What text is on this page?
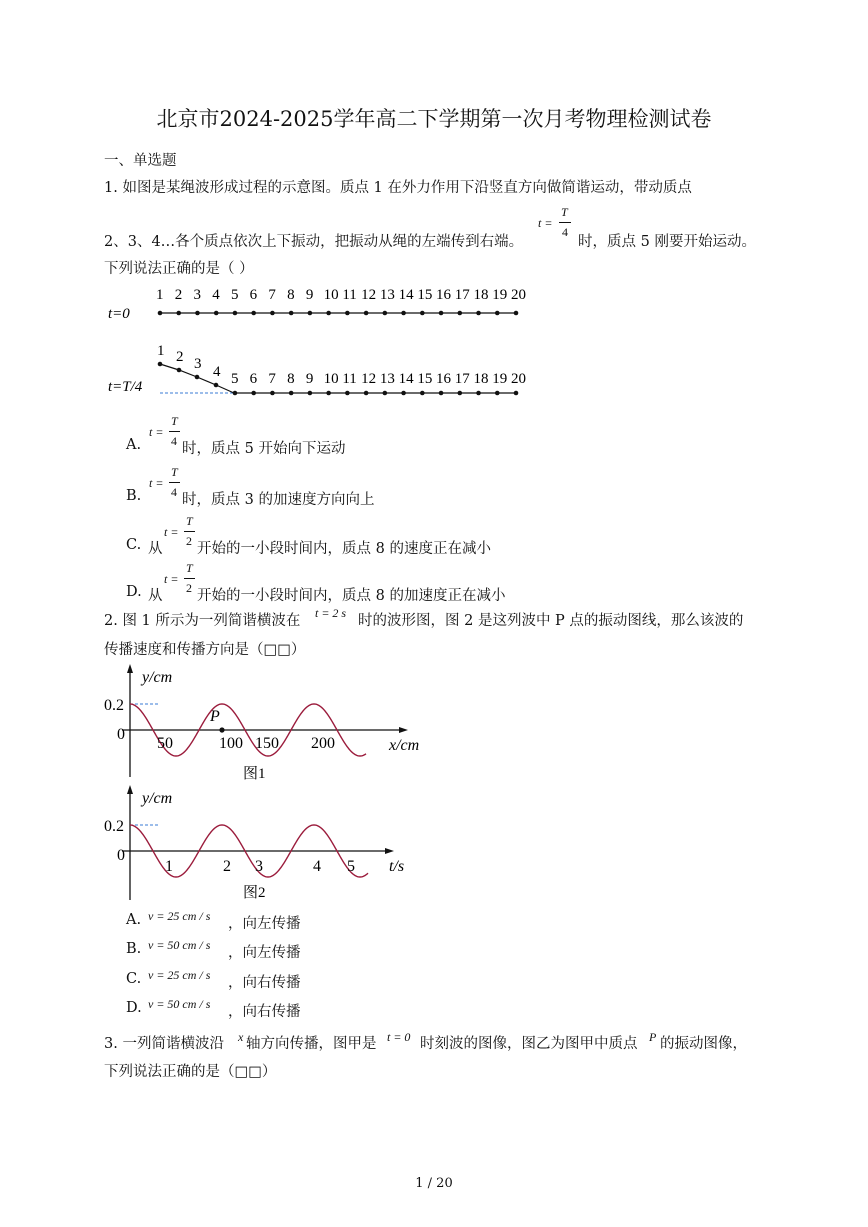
北京市2024-2025学年高二下学期第一次月考物理检测试卷
一、单选题
1. 如图是某绳波形成过程的示意图。质点 1 在外力作用下沿竖直方向做简谐运动，带动质点
2、3、4…各个质点依次上下振动，把振动从绳的左端传到右端。
t =
T
4
时，质点 5 刚要开始运动。
下列说法正确的是（ ）
1 2 3 4 5 6 7 8 9 10 11 12 13 14 15 16 17 18 19 20
t=0
t=T/4
1 2 3 4 5 6 7 8 9 10 11 12 13 14 15 16 17 18 19 20
A.
t =
T
4 时，质点 5 开始向下运动
B.
t =
T
4 时，质点 3 的加速度方向向上
C. 从
t =
T
2 开始的一小段时间内，质点 8 的速度正在减小
D. 从
t =
T
2 开始的一小段时间内，质点 8 的加速度正在减小
2. 图 1 所示为一列简谐横波在 t = 2 s 时的波形图，图 2 是这列波中 P 点的振动图线，那么该波的
传播速度和传播方向是（□□）
y/cm
0.2
0
P
50	100 150 200	x/cm
图1
y/cm
0.2
0
1	2 3	4 5 t/s
图2
A. v = 25 cm / s ，向左传播
B. v = 50 cm / s ，向左传播
C. v = 25 cm / s ，向右传播
D. v = 50 cm / s ，向右传播
3. 一列简谐横波沿 x 轴方向传播，图甲是 t = 0 时刻波的图像，图乙为图甲中质点 P 的振动图像，
下列说法正确的是（□□）
1 / 20
